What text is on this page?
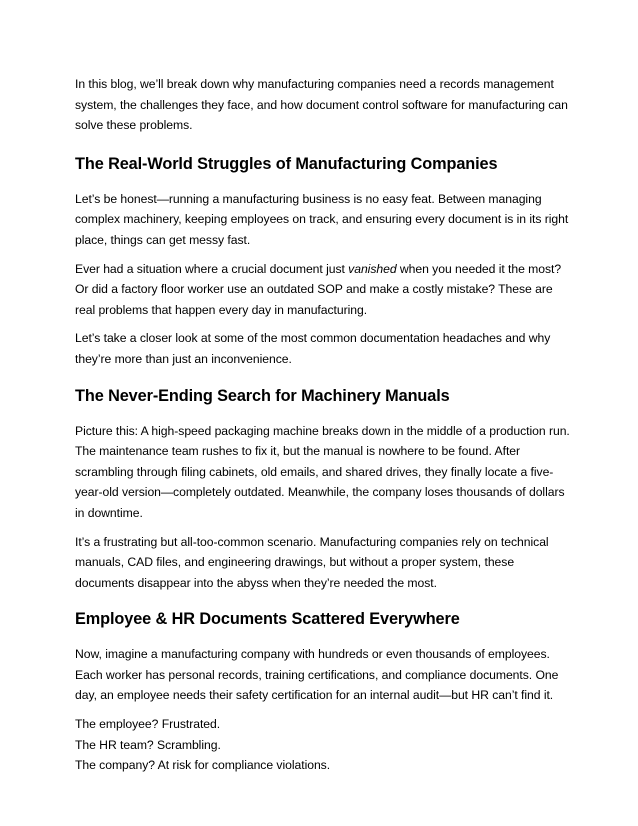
In this blog, we’ll break down why manufacturing companies need a records management system, the challenges they face, and how document control software for manufacturing can solve these problems.

The Real-World Struggles of Manufacturing Companies

Let’s be honest—running a manufacturing business is no easy feat. Between managing complex machinery, keeping employees on track, and ensuring every document is in its right place, things can get messy fast.

Ever had a situation where a crucial document just vanished when you needed it the most? Or did a factory floor worker use an outdated SOP and make a costly mistake? These are real problems that happen every day in manufacturing.

Let’s take a closer look at some of the most common documentation headaches and why they’re more than just an inconvenience.

The Never-Ending Search for Machinery Manuals

Picture this: A high-speed packaging machine breaks down in the middle of a production run. The maintenance team rushes to fix it, but the manual is nowhere to be found. After scrambling through filing cabinets, old emails, and shared drives, they finally locate a five-year-old version—completely outdated. Meanwhile, the company loses thousands of dollars in downtime.

It’s a frustrating but all-too-common scenario. Manufacturing companies rely on technical manuals, CAD files, and engineering drawings, but without a proper system, these documents disappear into the abyss when they’re needed the most.

Employee & HR Documents Scattered Everywhere

Now, imagine a manufacturing company with hundreds or even thousands of employees. Each worker has personal records, training certifications, and compliance documents. One day, an employee needs their safety certification for an internal audit—but HR can’t find it.

The employee? Frustrated.
The HR team? Scrambling.
The company? At risk for compliance violations.
